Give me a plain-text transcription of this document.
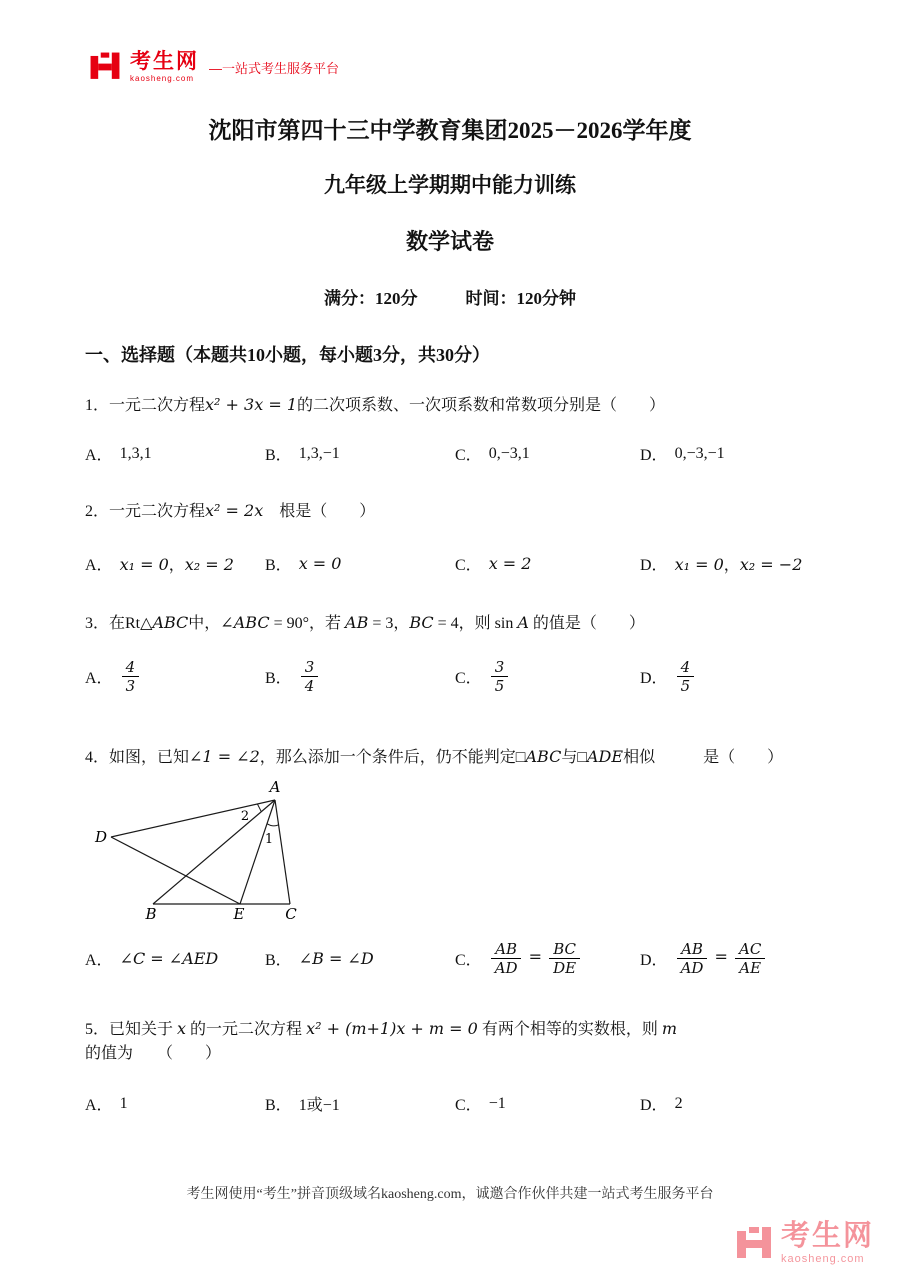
考生网
kaosheng.com
—一站式考生服务平台
沈阳市第四十三中学教育集团2025－2026学年度
九年级上学期期中能力训练
数学试卷
满分：120分	时间：120分钟
一、选择题（本题共10小题，每小题3分，共30分）
1．一元二次方程x² + 3x = 1的二次项系数、一次项系数和常数项分别是（　　）
A． 1,3,1	B． 1,3,−1	C． 0,−3,1	D． 0,−3,−1
2．一元二次方程x² = 2x　根是（　　）
A． x₁ = 0，x₂ = 2 B． x = 0	C． x = 2	D． x₁ = 0，x₂ = −2
3．在Rt△ABC中，∠ABC = 90°，若 AB = 3，BC = 4，则 sin A 的值是（　　）
A． $\frac{4}{3}$	B． $\frac{3}{4}$	C． $\frac{3}{5}$	D． $\frac{4}{5}$
4．如图，已知∠1 = ∠2，那么添加一个条件后，仍不能判定□ABC与□ADE相似　　　是（　　）
A
D
B	E	C
2
1
A． ∠C = ∠AED	B． ∠B = ∠D	C． $\frac{AB}{AD} = \frac{BC}{DE}$	D． $\frac{AB}{AD} = \frac{AC}{AE}$
5．已知关于 x 的一元二次方程 x² + (m+1)x + m = 0 有两个相等的实数根，则 m 的值为　　（　　）
A． 1	B． 1或−1	C． −1	D． 2
考生网使用“考生”拼音顶级域名kaosheng.com，诚邀合作伙伴共建一站式考生服务平台
考生网
kaosheng.com
